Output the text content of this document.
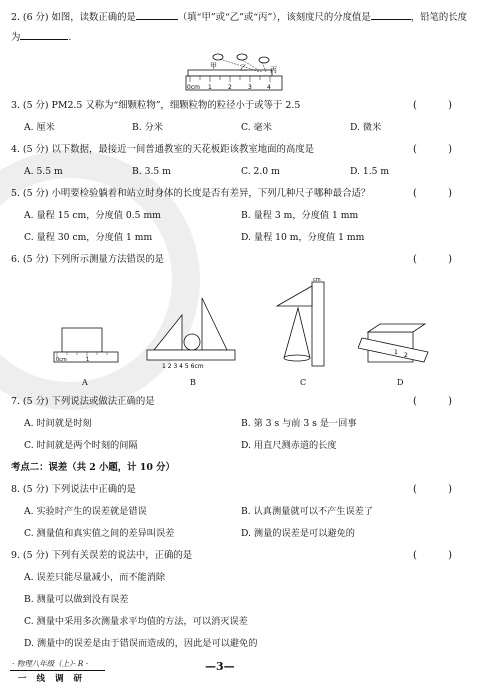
2. (6 分) 如图，读数正确的是	（填“甲”或“乙”或“丙”），该刻度尺的分度值是	，铅笔的长度
为	.
0cm 1	2	3	4
甲	乙	丙
3. (5 分) PM2.5 又称为“细颗粒物”，细颗粒物的粒径小于或等于 2.5	( )
A. 厘米	B. 分米	C. 毫米	D. 微米
4. (5 分) 以下数据，最接近一间普通教室的天花板距该教室地面的高度是	( )
A. 5.5 m	B. 3.5 m	C. 2.0 m	D. 1.5 m
5. (5 分) 小明要检验躺着和站立时身体的长度是否有差异，下列几种尺子哪种最合适？	( )
A. 量程 15 cm，分度值 0.5 mm	B. 量程 3 m，分度值 1 mm
C. 量程 30 cm，分度值 1 mm	D. 量程 10 m，分度值 1 mm
6. (5 分) 下列所示测量方法错误的是	( )
0cm	1
1 2 3 4 5 6cm
cm
1 2
A	B	C	D
7. (5 分) 下列说法或做法正确的是	( )
A. 时间就是时刻	B. 第 3 s 与前 3 s 是一回事
C. 时间就是两个时刻的间隔	D. 用直尺测赤道的长度
考点二：误差（共 2 小题，计 10 分）
8. (5 分) 下列说法中正确的是	( )
A. 实验时产生的误差就是错误	B. 认真测量就可以不产生误差了
C. 测量值和真实值之间的差异叫误差	D. 测量的误差是可以避免的
9. (5 分) 下列有关误差的说法中，正确的是	( )
A. 误差只能尽量减小，而不能消除
B. 测量可以做到没有误差
C. 测量中采用多次测量求平均值的方法，可以消灭误差
D. 测量中的误差是由于错误而造成的，因此是可以避免的
· 物理八年级（上）· R ·
一线调研
—3—
